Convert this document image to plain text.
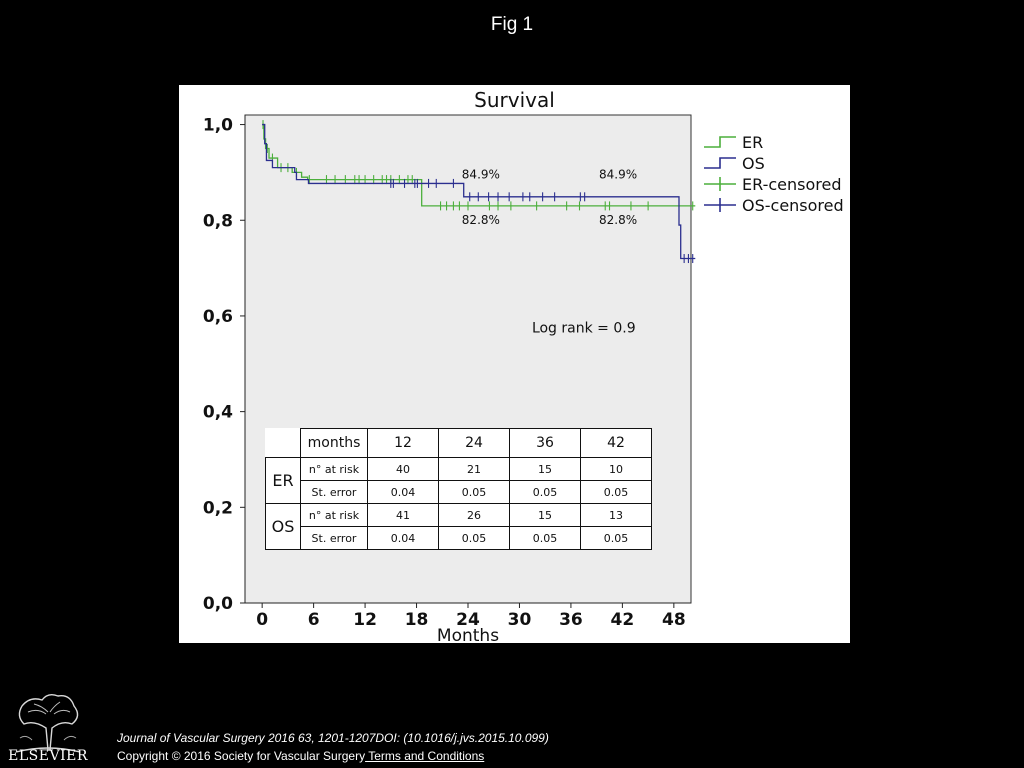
Fig 1
0 6 12 18 24 30 36 42 48
0,0
0,2
0,4
0,6
0,8
1,0
84.9%	84.9%
82.8%	82.8%
Log rank = 0.9
ER
OS
ER-censored
OS-censored
Months
Survival
	months	12	24	36	42
ER	n° at risk	40	21	15	10
	St. error	0.04	0.05	0.05	0.05
OS	n° at risk	41	26	15	13
	St. error	0.04	0.05	0.05	0.05
ELSEVIER
Journal of Vascular Surgery 2016 63, 1201-1207DOI: (10.1016/j.jvs.2015.10.099)
Copyright © 2016 Society for Vascular Surgery Terms and Conditions
